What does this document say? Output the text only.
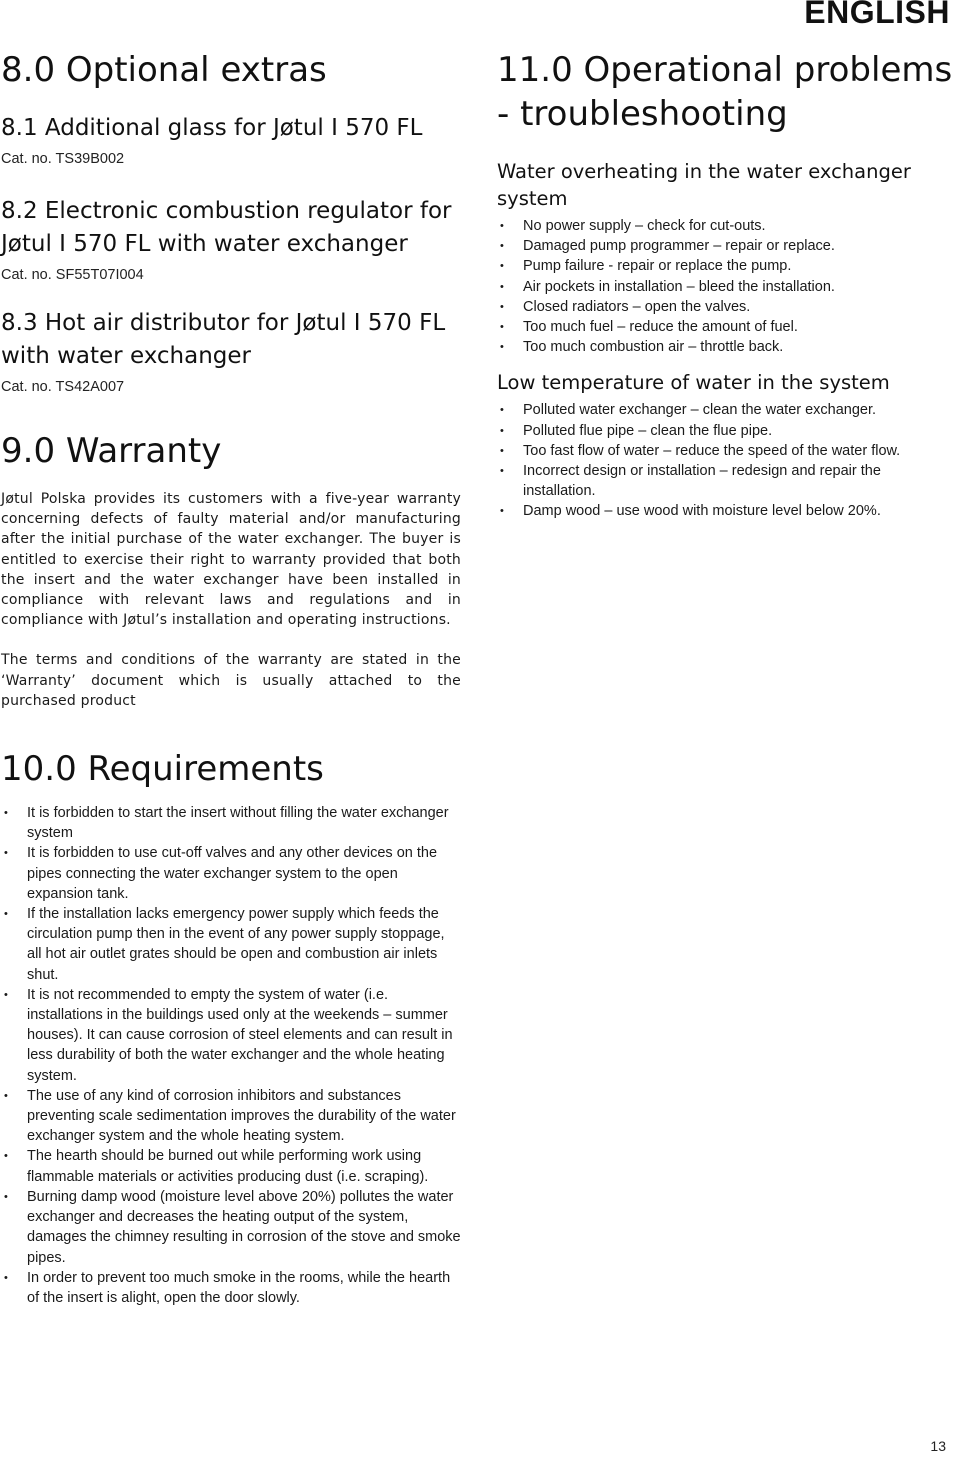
ENGLISH
8.0 Optional extras
8.1 Additional glass for Jøtul I 570 FL
Cat. no. TS39B002
8.2 Electronic combustion regulator for Jøtul I 570 FL with water exchanger
Cat. no. SF55T07I004
8.3 Hot air distributor for Jøtul I 570 FL with water exchanger
Cat. no. TS42A007
9.0 Warranty

Jøtul Polska provides its customers with a five-year warranty concerning defects of faulty material and/or manufacturing after the initial purchase of the water exchanger. The buyer is entitled to exercise their right to warranty provided that both the insert and the water exchanger have been installed in compliance with relevant laws and regulations and in compliance with Jøtul’s installation and operating instructions.

The terms and conditions of the warranty are stated in the ‘Warranty’ document which is usually attached to the purchased product

10.0 Requirements
• It is forbidden to start the insert without filling the water exchanger system
• It is forbidden to use cut-off valves and any other devices on the pipes connecting the water exchanger system to the open expansion tank.
• If the installation lacks emergency power supply which feeds the circulation pump then in the event of any power supply stoppage, all hot air outlet grates should be open and combustion air inlets shut.
• It is not recommended to empty the system of water (i.e. installations in the buildings used only at the weekends – summer houses). It can cause corrosion of steel elements and can result in less durability of both the water exchanger and the whole heating system.
• The use of any kind of corrosion inhibitors and substances preventing scale sedimentation improves the durability of the water exchanger system and the whole heating system.
• The hearth should be burned out while performing work using flammable materials or activities producing dust (i.e. scraping).
• Burning damp wood (moisture level above 20%) pollutes the water exchanger and decreases the heating output of the system, damages the chimney resulting in corrosion of the stove and smoke pipes.
• In order to prevent too much smoke in the rooms, while the hearth of the insert is alight, open the door slowly.
11.0 Operational problems - troubleshooting
Water overheating in the water exchanger system
• No power supply – check for cut-outs.
• Damaged pump programmer – repair or replace.
• Pump failure - repair or replace the pump.
• Air pockets in installation – bleed the installation.
• Closed radiators – open the valves.
• Too much fuel – reduce the amount of fuel.
• Too much combustion air – throttle back.
Low temperature of water in the system
• Polluted water exchanger – clean the water exchanger.
• Polluted flue pipe – clean the flue pipe.
• Too fast flow of water – reduce the speed of the water flow.
• Incorrect design or installation – redesign and repair the installation.
• Damp wood – use wood with moisture level below 20%.
13
